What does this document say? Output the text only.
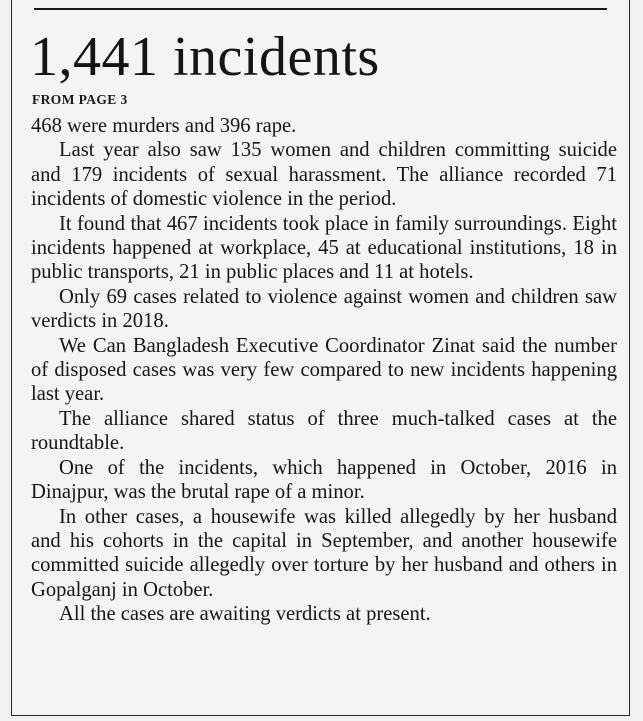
1,441 incidents
FROM PAGE 3

468 were murders and 396 rape.

Last year also saw 135 women and children committing suicide and 179 incidents of sexual harassment. The alliance recorded 71 incidents of domestic violence in the period.

It found that 467 incidents took place in family surroundings. Eight incidents happened at workplace, 45 at educational institutions, 18 in public transports, 21 in public places and 11 at hotels.

Only 69 cases related to violence against women and children saw verdicts in 2018.

We Can Bangladesh Executive Coordinator Zinat said the number of disposed cases was very few compared to new incidents happening last year.

The alliance shared status of three much-talked cases at the roundtable.

One of the incidents, which happened in October, 2016 in Dinajpur, was the brutal rape of a minor.

In other cases, a housewife was killed allegedly by her husband and his cohorts in the capital in September, and another housewife committed suicide allegedly over torture by her husband and others in Gopalganj in October.

All the cases are awaiting verdicts at present.
